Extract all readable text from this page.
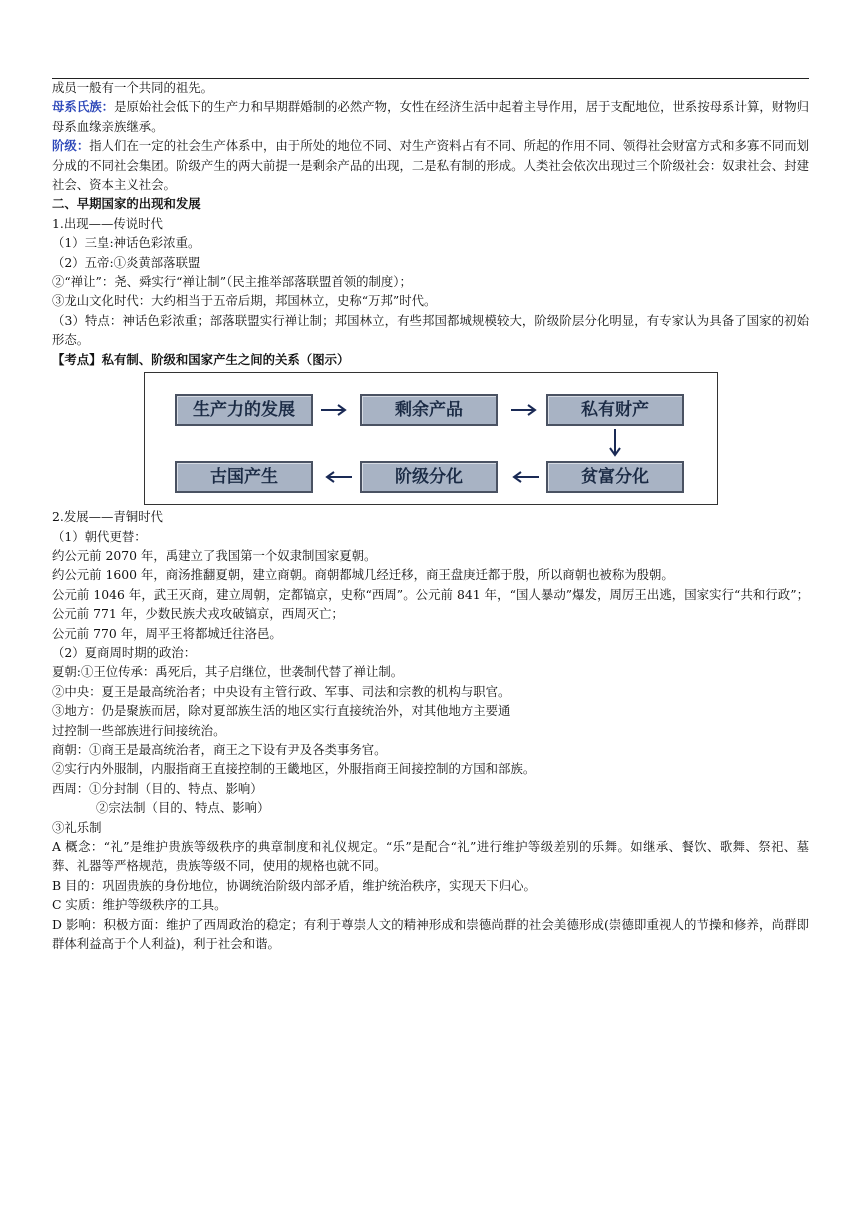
成员一般有一个共同的祖先。
母系氏族：是原始社会低下的生产力和早期群婚制的必然产物，女性在经济生活中起着主导作用，居于支配地位，世系按母系计算，财物归母系血缘亲族继承。
阶级：指人们在一定的社会生产体系中，由于所处的地位不同、对生产资料占有不同、所起的作用不同、领得社会财富方式和多寡不同而划分成的不同社会集团。阶级产生的两大前提一是剩余产品的出现，二是私有制的形成。人类社会依次出现过三个阶级社会：奴隶社会、封建社会、资本主义社会。
二、早期国家的出现和发展
1.出现——传说时代
（1）三皇:神话色彩浓重。
（2）五帝:①炎黄部落联盟
②“禅让”：尧、舜实行“禅让制”（民主推举部落联盟首领的制度）；
③龙山文化时代：大约相当于五帝后期，邦国林立，史称“万邦”时代。
（3）特点：神话色彩浓重；部落联盟实行禅让制；邦国林立，有些邦国都城规模较大，阶级阶层分化明显，有专家认为具备了国家的初始形态。
【考点】私有制、阶级和国家产生之间的关系（图示）
生产力的发展	剩余产品	私有财产
贫富分化
阶级分化
古国产生
2.发展——青铜时代
（1）朝代更替：
约公元前 2070 年，禹建立了我国第一个奴隶制国家夏朝。
约公元前 1600 年，商汤推翻夏朝，建立商朝。商朝都城几经迁移，商王盘庚迁都于殷，所以商朝也被称为殷朝。
公元前 1046 年，武王灭商，建立周朝，定都镐京，史称“西周”。公元前 841 年，“国人暴动”爆发，周厉王出逃，国家实行“共和行政”；公元前 771 年，少数民族犬戎攻破镐京，西周灭亡；
公元前 770 年，周平王将都城迁往洛邑。
（2）夏商周时期的政治：
夏朝:①王位传承：禹死后，其子启继位，世袭制代替了禅让制。
②中央：夏王是最高统治者；中央设有主管行政、军事、司法和宗教的机构与职官。
③地方：仍是聚族而居，除对夏部族生活的地区实行直接统治外，对其他地方主要通
过控制一些部族进行间接统治。
商朝：①商王是最高统治者，商王之下设有尹及各类事务官。
②实行内外服制，内服指商王直接控制的王畿地区，外服指商王间接控制的方国和部族。
西周：①分封制（目的、特点、影响）
②宗法制（目的、特点、影响）
③礼乐制
A 概念：“礼”是维护贵族等级秩序的典章制度和礼仪规定。“乐”是配合“礼”进行维护等级差别的乐舞。如继承、餐饮、歌舞、祭祀、墓葬、礼器等严格规范，贵族等级不同，使用的规格也就不同。
B 目的：巩固贵族的身份地位，协调统治阶级内部矛盾，维护统治秩序，实现天下归心。
C 实质：维护等级秩序的工具。
D 影响：积极方面：维护了西周政治的稳定；有利于尊崇人文的精神形成和崇德尚群的社会美德形成(崇德即重视人的节操和修养，尚群即群体利益高于个人利益)，利于社会和谐。
